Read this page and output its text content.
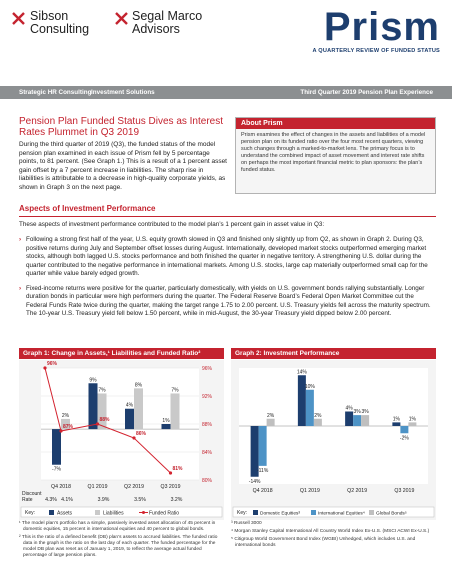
Sibson
Consulting
Segal Marco
Advisors	Prism
A QUARTERLY REVIEW OF FUNDED STATUS
Strategic HR Consulting Investment Solutions	Third Quarter 2019 Pension Plan Experience
Pension Plan Funded Status Dives as Interest Rates Plummet in Q3 2019
During the third quarter of 2019 (Q3), the funded status of the model pension plan examined in each issue of Prism fell by 5 percentage points, to 81 percent. (See Graph 1.) This is a result of a 1 percent asset gain offset by a 7 percent increase in liabilities. The sharp rise in liabilities is attributable to a decrease in high-quality corporate yields, as shown in Graph 3 on the next page.
About Prism
Prism examines the effect of changes in the assets and liabilities of a model pension plan on its funded ratio over the four most recent quarters, viewing such changes through a marked-to-market lens. The primary focus is to understand the combined impact of asset movement and interest rate shifts on perhaps the most important financial metric to plan sponsors: the plan’s funded status.
Aspects of Investment Performance
These aspects of investment performance contributed to the model plan’s 1 percent gain in asset value in Q3:
› Following a strong first half of the year, U.S. equity growth slowed in Q3 and finished only slightly up from Q2, as shown in Graph 2. During Q3, positive returns during July and September offset losses during August. Internationally, developed market stocks outperformed emerging market stocks, although both lagged U.S. stocks performance and both finished the quarter in negative territory. A strengthening U.S. dollar during the quarter contributed to the negative performance in international markets. Among U.S. stocks, large cap materially outperformed small cap for the quarter while value barely edged growth.
› Fixed-income returns were positive for the quarter, particularly domestically, with yields on U.S. government bonds rallying substantially. Longer duration bonds in particular were high performers during the quarter. The Federal Reserve Board’s Federal Open Market Committee cut the Federal Funds Rate twice during the quarter, making the target range 1.75 to 2.00 percent. U.S. Treasury yields fell across the maturity spectrum. The 10-year U.S. Treasury yield fell below 1.50 percent, while in mid-August, the 30-year Treasury yield dipped below 2.00 percent.
Graph 1: Change in Assets,¹ Liabilities and Funded Ratio²
80%
84%
88%
92%
96%
-7%
2%
Q4 2018
9%
7%
Q1 2019
4%
8%
Q2 2019
1%
7%
Q3 2019
96%
87%
88%
86%
81%
Discount
Rate 4.3% 4.1%	3.9%	3.5%	3.2%
Key:	Assets	Liabilities	Funded Ratio
¹ The model plan’s portfolio has a simple, passively invested asset allocation of 45 percent in domestic equities, 15 percent in international equities and 40 percent to global bonds.
² This is the ratio of a defined benefit (DB) plan’s assets to accrued liabilities. The funded ratio data in the graph is the ratio on the last day of each quarter. The funded percentage for the model DB plan was reset as of January 1, 2019, to reflect the average actual funded percentage of large pension plans.
Graph 2: Investment Performance
-14%
-11%
2%
Q4 2018
14%
10%
2%
Q1 2019
4%
3% 3%
Q2 2019
1%
-2%
1%
Q3 2019
Key:	Domestic Equities³	International Equities⁴ Global Bonds⁵
³ Russell 3000
⁴ Morgan Stanley Capital International All Country World Index Ex-U.S. (MSCI ACWI Ex-U.S.)
⁵ Citigroup World Government Bond Index (WGBI) Unhedged, which includes U.S. and international bonds
